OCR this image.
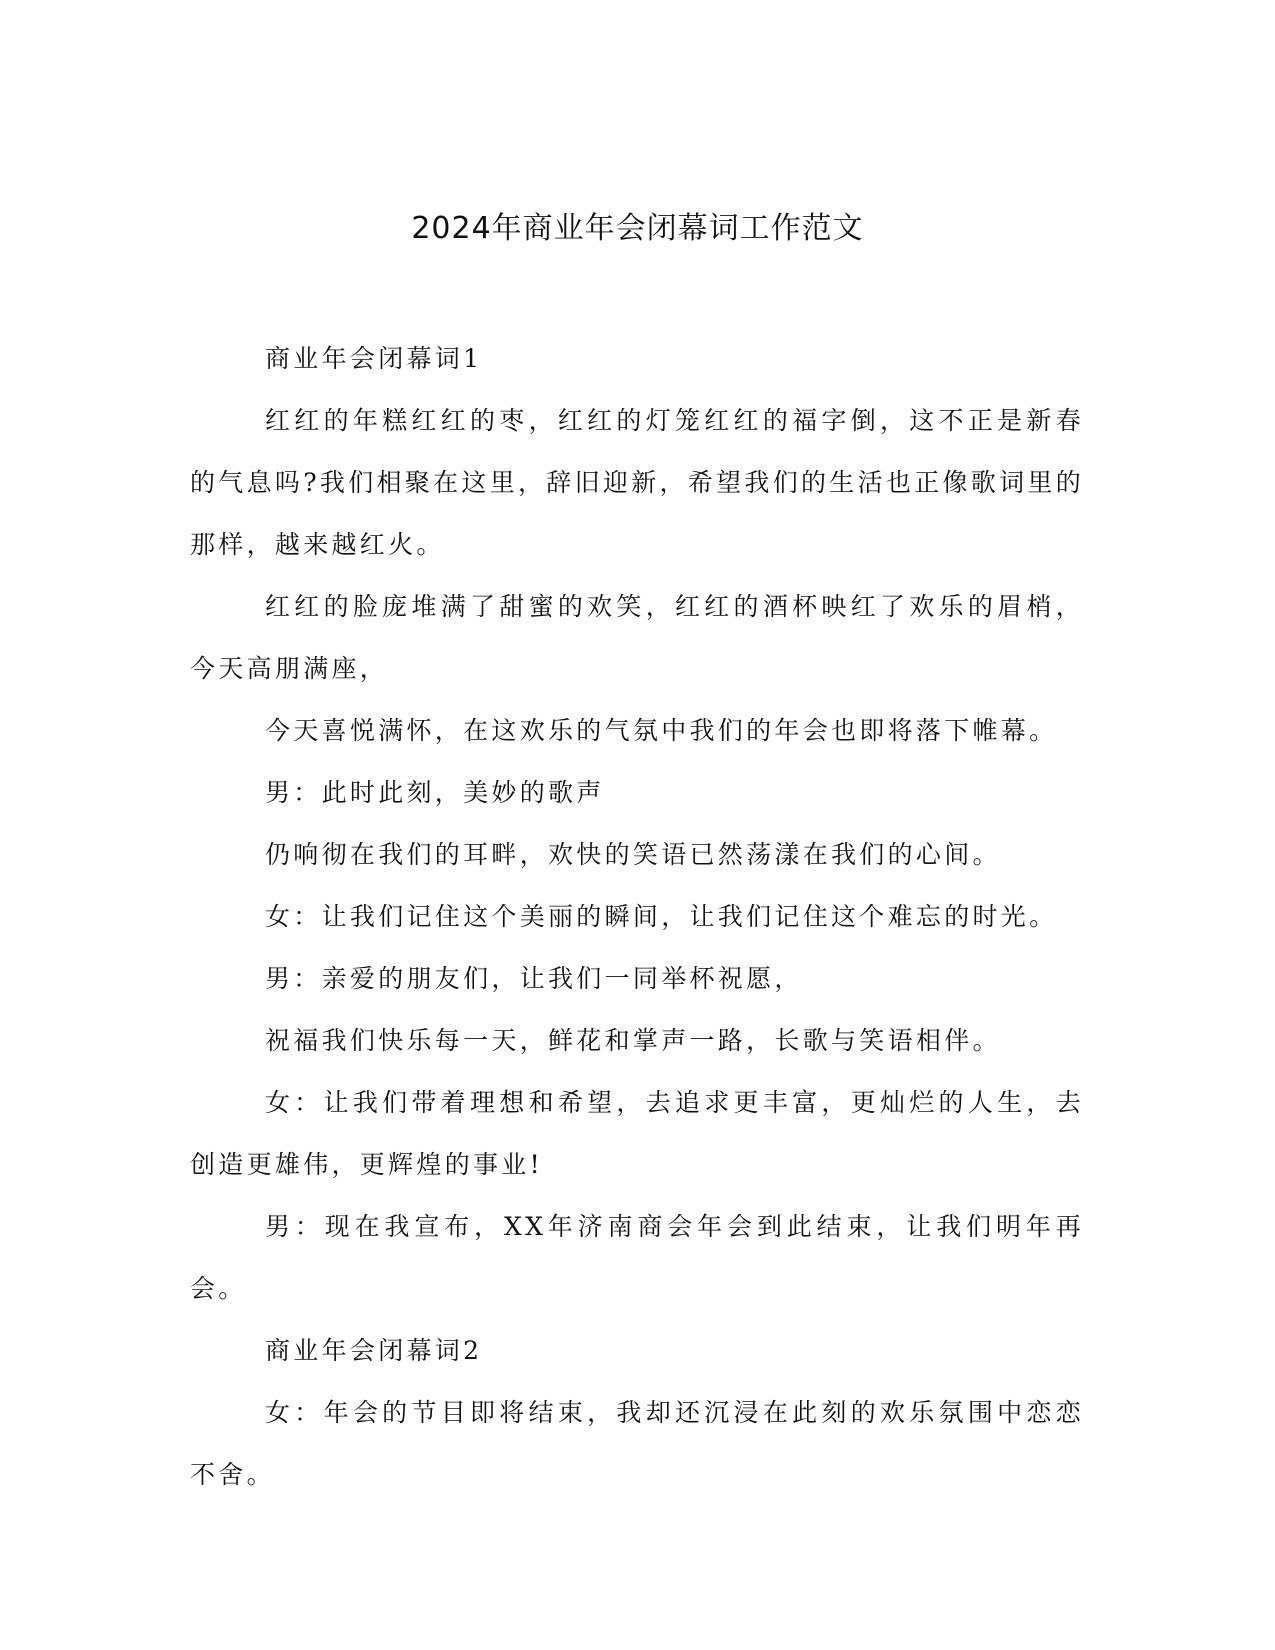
2024年商业年会闭幕词工作范文

商业年会闭幕词1

红红的年糕红红的枣，红红的灯笼红红的福字倒，这不正是新春的气息吗?我们相聚在这里，辞旧迎新，希望我们的生活也正像歌词里的那样，越来越红火。

红红的脸庞堆满了甜蜜的欢笑，红红的酒杯映红了欢乐的眉梢，今天高朋满座，

今天喜悦满怀，在这欢乐的气氛中我们的年会也即将落下帷幕。

男：此时此刻，美妙的歌声

仍响彻在我们的耳畔，欢快的笑语已然荡漾在我们的心间。

女：让我们记住这个美丽的瞬间，让我们记住这个难忘的时光。

男：亲爱的朋友们，让我们一同举杯祝愿，

祝福我们快乐每一天，鲜花和掌声一路，长歌与笑语相伴。

女：让我们带着理想和希望，去追求更丰富，更灿烂的人生，去创造更雄伟，更辉煌的事业!

男：现在我宣布，XX年济南商会年会到此结束，让我们明年再会。

商业年会闭幕词2

女：年会的节目即将结束，我却还沉浸在此刻的欢乐氛围中恋恋不舍。
